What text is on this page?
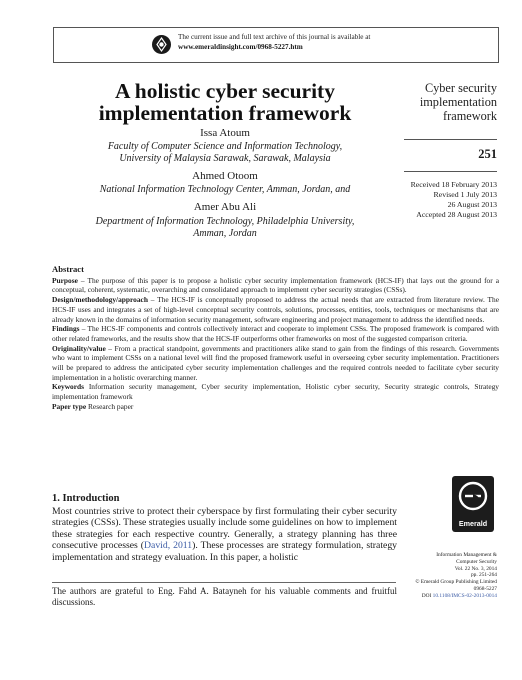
The current issue and full text archive of this journal is available at
www.emeraldinsight.com/0968-5227.htm
A holistic cyber security
implementation framework
Issa Atoum
Faculty of Computer Science and Information Technology,
University of Malaysia Sarawak, Sarawak, Malaysia
Ahmed Otoom
National Information Technology Center, Amman, Jordan, and
Amer Abu Ali
Department of Information Technology, Philadelphia University,
Amman, Jordan
Cyber security
implementation
framework
251
Received 18 February 2013
Revised 1 July 2013
26 August 2013
Accepted 28 August 2013

Abstract

Purpose – The purpose of this paper is to propose a holistic cyber security implementation framework (HCS-IF) that lays out the ground for a conceptual, coherent, systematic, overarching and consolidated approach to implement cyber security strategies (CSSs).

Design/methodology/approach – The HCS-IF is conceptually proposed to address the actual needs that are extracted from literature review. The HCS-IF uses and integrates a set of high-level conceptual security controls, solutions, processes, entities, tools, techniques or mechanisms that are already known in the domains of information security management, software engineering and project management to address the identified needs.

Findings – The HCS-IF components and controls collectively interact and cooperate to implement CSSs. The proposed framework is compared with other related frameworks, and the results show that the HCS-IF outperforms other frameworks on most of the suggested comparison criteria.

Originality/value – From a practical standpoint, governments and practitioners alike stand to gain from the findings of this research. Governments who want to implement CSSs on a national level will find the proposed framework useful in overseeing cyber security implementation. Practitioners will be prepared to address the anticipated cyber security implementation challenges and the required controls needed to facilitate cyber security implementation in a holistic overarching manner.

Keywords Information security management, Cyber security implementation, Holistic cyber security, Security strategic controls, Strategy implementation framework

Paper type Research paper

1. Introduction
Most countries strive to protect their cyberspace by first formulating their cyber security strategies (CSSs). These strategies usually include some guidelines on how to implement these strategies for each respective country. Generally, a strategy planning has three consecutive processes (David, 2011). These processes are strategy formulation, strategy implementation and strategy evaluation. In this paper, a holistic
The authors are grateful to Eng. Fahd A. Batayneh for his valuable comments and fruitful discussions.
Emerald
Information Management &
Computer Security
Vol. 22 No. 3, 2014
pp. 251-264
© Emerald Group Publishing Limited
0968-5227
DOI 10.1108/IMCS-02-2013-0014
